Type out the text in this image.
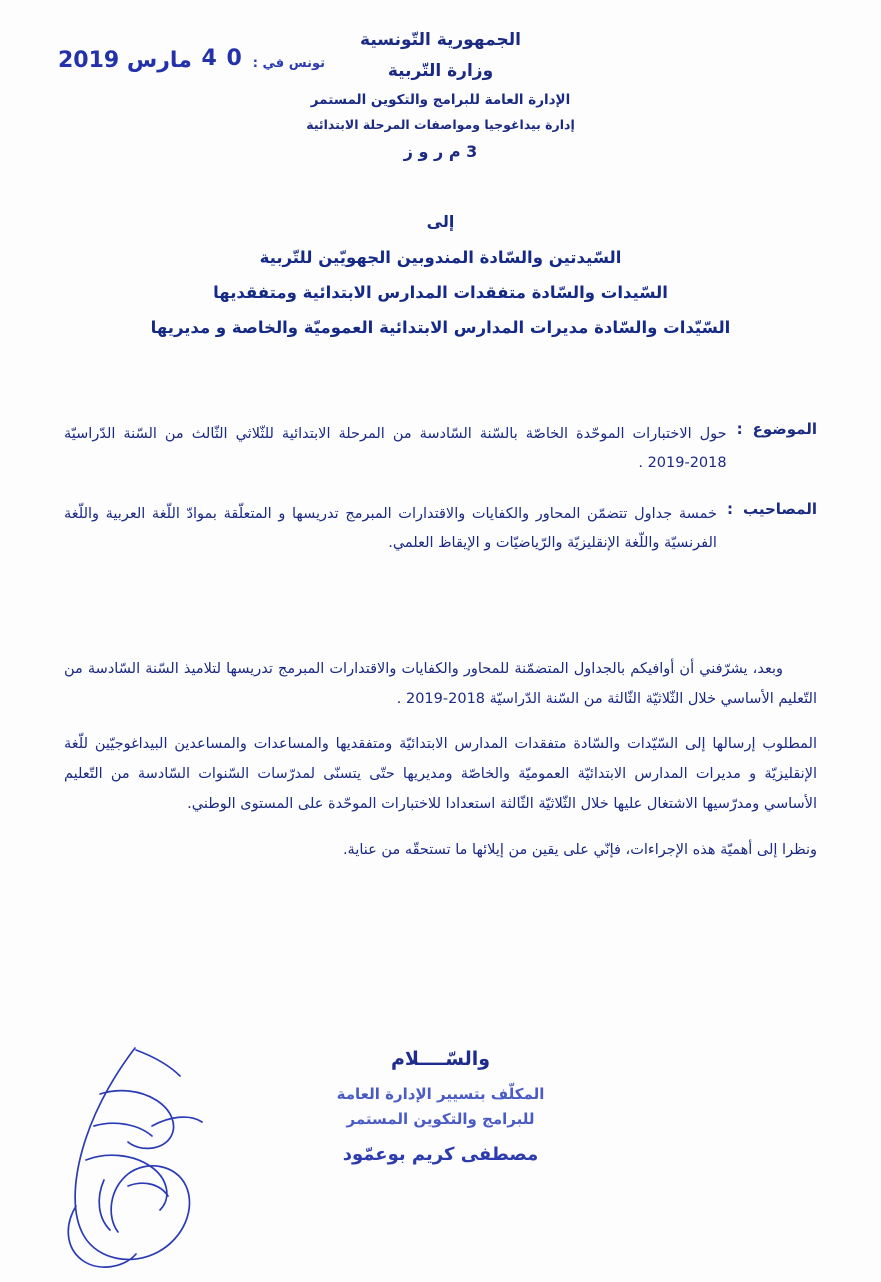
تونس في :
0 4 مارس 2019
الجمهورية التّونسية
وزارة التّربية
الإدارة العامة للبرامج والتكوين المستمر
إدارة بيداغوجيا ومواصفات المرحلة الابتدائية
3 م ر و ز
إلى
السّيدتين والسّادة المندوبين الجهويّين للتّربية
السّيدات والسّادة متفقدات المدارس الابتدائية ومتفقديها
السّيّدات والسّادة مديرات المدارس الابتدائية العموميّة والخاصة و مديريها
الموضوع
:
حول الاختبارات الموحّدة الخاصّة بالسّنة السّادسة من المرحلة الابتدائية للثّلاثي الثّالث من السّنة الدّراسيّة 2018-2019 .
المصاحيب
:
خمسة جداول تتضمّن المحاور والكفايات والاقتدارات المبرمج تدريسها و المتعلّقة بموادّ اللّغة العربية واللّغة الفرنسيّة واللّغة الإنقليزيّة والرّياضيّات و الإيقاظ العلمي.

وبعد، يشرّفني أن أوافيكم بالجداول المتضمّنة للمحاور والكفايات والاقتدارات المبرمج تدريسها لتلاميذ السّنة السّادسة من التّعليم الأساسي خلال الثّلاثيّة الثّالثة من السّنة الدّراسيّة 2018-2019 .

المطلوب إرسالها إلى السّيّدات والسّادة متفقدات المدارس الابتدائيّة ومتفقديها والمساعدات والمساعدين البيداغوجيّين للّغة الإنقليزيّة و مديرات المدارس الابتدائيّة العموميّة والخاصّة ومديريها حتّى يتسنّى لمدرّسات السّنوات السّادسة من التّعليم الأساسي ومدرّسيها الاشتغال عليها خلال الثّلاثيّة الثّالثة استعدادا للاختبارات الموحّدة على المستوى الوطني.

ونظرا إلى أهميّة هذه الإجراءات، فإنّي على يقين من إيلائها ما تستحقّه من عناية.

والسّــــلام
المكلّف بتسيير الإدارة العامة
للبرامج والتكوين المستمر
مصطفى كريم بوعمّود
